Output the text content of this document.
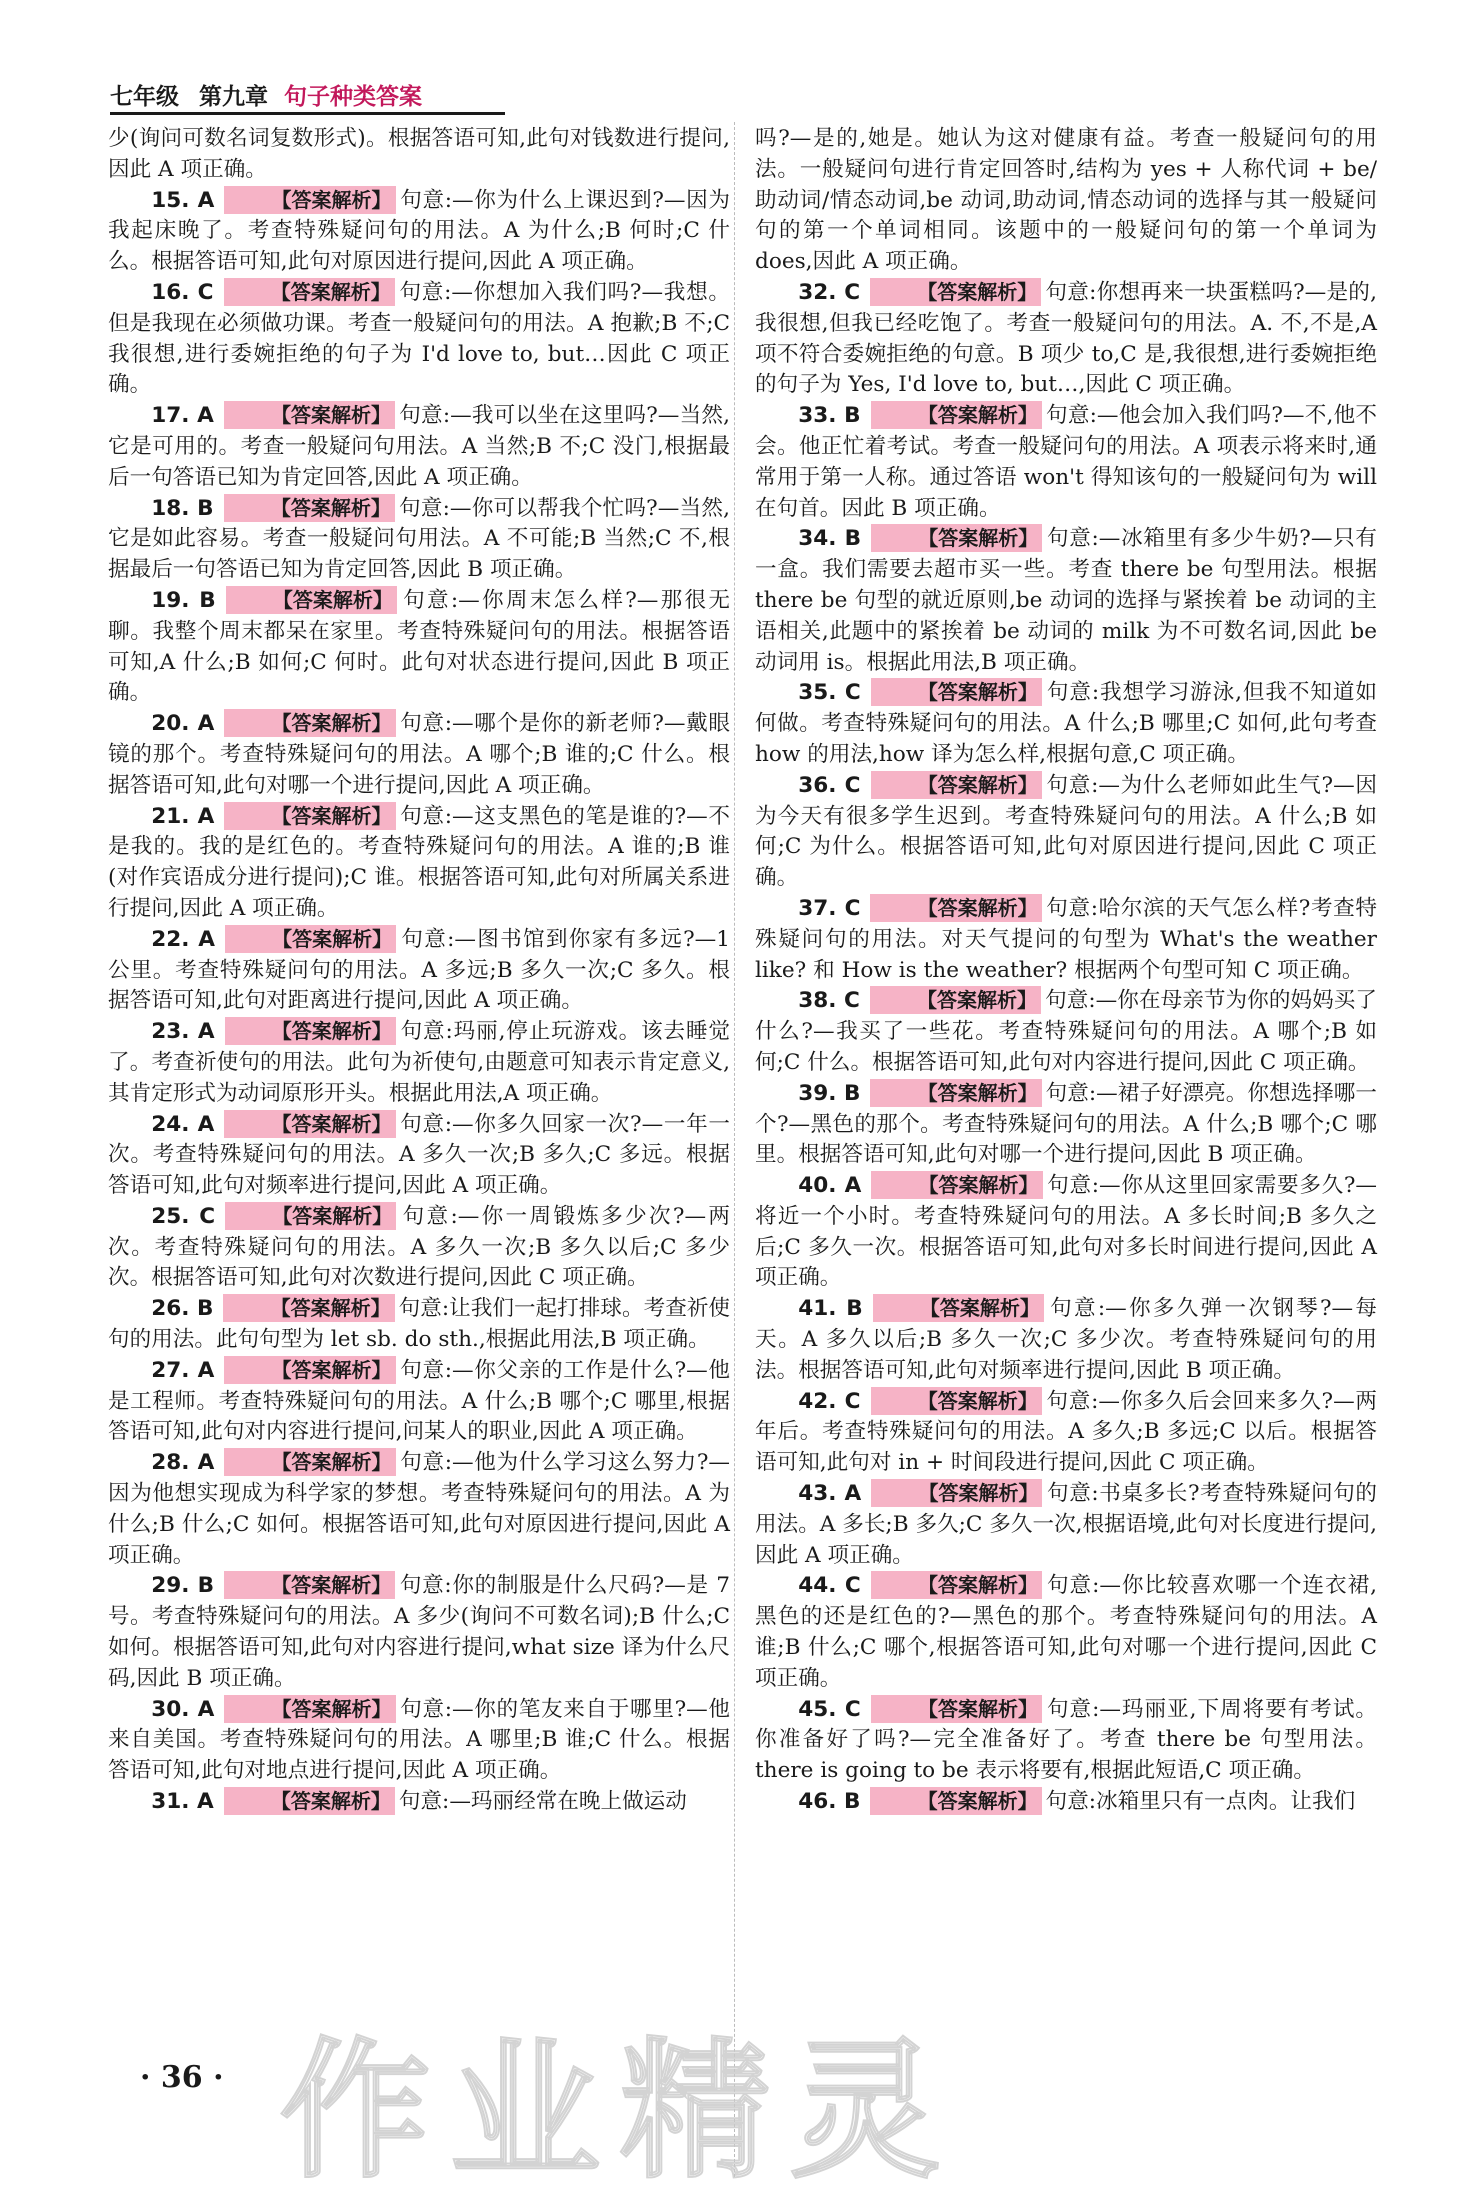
七年级 第九章 句子种类答案

少(询问可数名词复数形式)。根据答语可知,此句对钱数进行提问,因此 A 项正确。

15. A	【答案解析】 句意:—你为什么上课迟到?—因为我起床晚了。考查特殊疑问句的用法。A 为什么;B 何时;C 什么。根据答语可知,此句对原因进行提问,因此 A 项正确。

16. C	【答案解析】 句意:—你想加入我们吗?—我想。但是我现在必须做功课。考查一般疑问句的用法。A 抱歉;B 不;C 我很想,进行委婉拒绝的句子为 I'd love to, but…因此 C 项正确。

17. A	【答案解析】 句意:—我可以坐在这里吗?—当然,它是可用的。考查一般疑问句用法。A 当然;B 不;C 没门,根据最后一句答语已知为肯定回答,因此 A 项正确。

18. B	【答案解析】 句意:—你可以帮我个忙吗?—当然,它是如此容易。考查一般疑问句用法。A 不可能;B 当然;C 不,根据最后一句答语已知为肯定回答,因此 B 项正确。

19. B	【答案解析】 句意:—你周末怎么样?—那很无聊。我整个周末都呆在家里。考查特殊疑问句的用法。根据答语可知,A 什么;B 如何;C 何时。此句对状态进行提问,因此 B 项正确。

20. A	【答案解析】 句意:—哪个是你的新老师?—戴眼镜的那个。考查特殊疑问句的用法。A 哪个;B 谁的;C 什么。根据答语可知,此句对哪一个进行提问,因此 A 项正确。

21. A	【答案解析】 句意:—这支黑色的笔是谁的?—不是我的。我的是红色的。考查特殊疑问句的用法。A 谁的;B 谁(对作宾语成分进行提问);C 谁。根据答语可知,此句对所属关系进行提问,因此 A 项正确。

22. A	【答案解析】 句意:—图书馆到你家有多远?—1 公里。考查特殊疑问句的用法。A 多远;B 多久一次;C 多久。根据答语可知,此句对距离进行提问,因此 A 项正确。

23. A	【答案解析】 句意:玛丽,停止玩游戏。该去睡觉了。考查祈使句的用法。此句为祈使句,由题意可知表示肯定意义,其肯定形式为动词原形开头。根据此用法,A 项正确。

24. A	【答案解析】 句意:—你多久回家一次?—一年一次。考查特殊疑问句的用法。A 多久一次;B 多久;C 多远。根据答语可知,此句对频率进行提问,因此 A 项正确。

25. C	【答案解析】 句意:—你一周锻炼多少次?—两次。考查特殊疑问句的用法。A 多久一次;B 多久以后;C 多少次。根据答语可知,此句对次数进行提问,因此 C 项正确。

26. B	【答案解析】 句意:让我们一起打排球。考查祈使句的用法。此句句型为 let sb. do sth.,根据此用法,B 项正确。

27. A	【答案解析】 句意:—你父亲的工作是什么?—他是工程师。考查特殊疑问句的用法。A 什么;B 哪个;C 哪里,根据答语可知,此句对内容进行提问,问某人的职业,因此 A 项正确。

28. A	【答案解析】 句意:—他为什么学习这么努力?—因为他想实现成为科学家的梦想。考查特殊疑问句的用法。A 为什么;B 什么;C 如何。根据答语可知,此句对原因进行提问,因此 A 项正确。

29. B	【答案解析】 句意:你的制服是什么尺码?—是 7 号。考查特殊疑问句的用法。A 多少(询问不可数名词);B 什么;C 如何。根据答语可知,此句对内容进行提问,what size 译为什么尺码,因此 B 项正确。

30. A	【答案解析】 句意:—你的笔友来自于哪里?—他来自美国。考查特殊疑问句的用法。A 哪里;B 谁;C 什么。根据答语可知,此句对地点进行提问,因此 A 项正确。

31. A	【答案解析】 句意:—玛丽经常在晚上做运动

吗?—是的,她是。她认为这对健康有益。考查一般疑问句的用法。一般疑问句进行肯定回答时,结构为 yes + 人称代词 + be/助动词/情态动词,be 动词,助动词,情态动词的选择与其一般疑问句的第一个单词相同。该题中的一般疑问句的第一个单词为 does,因此 A 项正确。

32. C	【答案解析】 句意:你想再来一块蛋糕吗?—是的,我很想,但我已经吃饱了。考查一般疑问句的用法。A. 不,不是,A 项不符合委婉拒绝的句意。B 项少 to,C 是,我很想,进行委婉拒绝的句子为 Yes, I'd love to, but…,因此 C 项正确。

33. B	【答案解析】 句意:—他会加入我们吗?—不,他不会。他正忙着考试。考查一般疑问句的用法。A 项表示将来时,通常用于第一人称。通过答语 won't 得知该句的一般疑问句为 will 在句首。因此 B 项正确。

34. B	【答案解析】 句意:—冰箱里有多少牛奶?—只有一盒。我们需要去超市买一些。考查 there be 句型用法。根据 there be 句型的就近原则,be 动词的选择与紧挨着 be 动词的主语相关,此题中的紧挨着 be 动词的 milk 为不可数名词,因此 be 动词用 is。根据此用法,B 项正确。

35. C	【答案解析】 句意:我想学习游泳,但我不知道如何做。考查特殊疑问句的用法。A 什么;B 哪里;C 如何,此句考查 how 的用法,how 译为怎么样,根据句意,C 项正确。

36. C	【答案解析】 句意:—为什么老师如此生气?—因为今天有很多学生迟到。考查特殊疑问句的用法。A 什么;B 如何;C 为什么。根据答语可知,此句对原因进行提问,因此 C 项正确。

37. C	【答案解析】 句意:哈尔滨的天气怎么样?考查特殊疑问句的用法。对天气提问的句型为 What's the weather like? 和 How is the weather? 根据两个句型可知 C 项正确。

38. C	【答案解析】 句意:—你在母亲节为你的妈妈买了什么?—我买了一些花。考查特殊疑问句的用法。A 哪个;B 如何;C 什么。根据答语可知,此句对内容进行提问,因此 C 项正确。

39. B	【答案解析】 句意:—裙子好漂亮。你想选择哪一个?—黑色的那个。考查特殊疑问句的用法。A 什么;B 哪个;C 哪里。根据答语可知,此句对哪一个进行提问,因此 B 项正确。

40. A	【答案解析】 句意:—你从这里回家需要多久?—将近一个小时。考查特殊疑问句的用法。A 多长时间;B 多久之后;C 多久一次。根据答语可知,此句对多长时间进行提问,因此 A 项正确。

41. B	【答案解析】 句意:—你多久弹一次钢琴?—每天。A 多久以后;B 多久一次;C 多少次。考查特殊疑问句的用法。根据答语可知,此句对频率进行提问,因此 B 项正确。

42. C	【答案解析】 句意:—你多久后会回来多久?—两年后。考查特殊疑问句的用法。A 多久;B 多远;C 以后。根据答语可知,此句对 in + 时间段进行提问,因此 C 项正确。

43. A	【答案解析】 句意:书桌多长?考查特殊疑问句的用法。A 多长;B 多久;C 多久一次,根据语境,此句对长度进行提问,因此 A 项正确。

44. C	【答案解析】 句意:—你比较喜欢哪一个连衣裙,黑色的还是红色的?—黑色的那个。考查特殊疑问句的用法。A 谁;B 什么;C 哪个,根据答语可知,此句对哪一个进行提问,因此 C 项正确。

45. C	【答案解析】 句意:—玛丽亚,下周将要有考试。你准备好了吗?—完全准备好了。考查 there be 句型用法。there is going to be 表示将要有,根据此短语,C 项正确。

46. B	【答案解析】 句意:冰箱里只有一点肉。让我们

· 36 · 作业精灵
